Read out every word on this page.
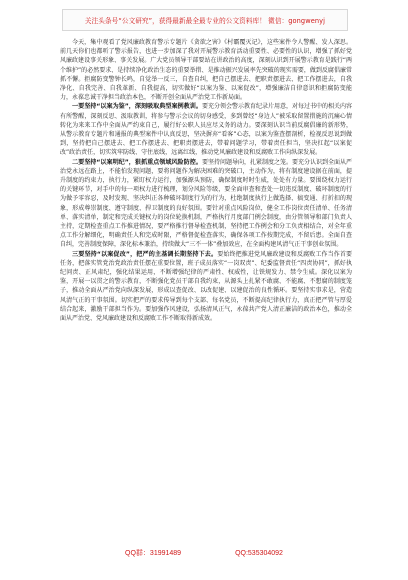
关注头条号“公文研究”，获得最新最全最专业的公文资料库！ 微信：gongwenyj

今天，集中观看了党风廉政教育警示专题片《贪欲之害》《村霸覆灭记》，这些案件令人警醒、发人深思。前几天你们也都听了警示报告，也进一步加深了我对开展警示教育活动重要性、必要性的认识，增强了抓好党风廉政建设事关形象、事关发展。广大党员领导干部要站在讲政治的高度，深刻认识到开展警示教育是践行“两个维护”的必然要求、是持续净化政治生态的重要举措、是推动振兴发展率先突破的现实需要，做到反腐倡廉常抓不懈。拒腐防变警钟长鸣，自觉举一反三，自查自纠，把自己摆进去、把职责摆进去、把工作摆进去，自我净化、自我完善、自我革新、自我提高，切实做好“以案为鉴、以案促改”，增强廉洁自律意识和拒腐防变能力，永葆忠诚干净担当政治本色，不断开创全面从严治党工作新局面。

一要坚持“以案为鉴”，深刻吸取典型案例教训。要充分领会警示教育纪录片用意，对每过书中的相关内容有所警醒，深刻反思、汲取教训，将参与警示会议的切身感受，多到曾经“身边人”被采取留置措施的沉痛心情转化为来来工作中全面从严约束自己，履行好公职人员应尽义务的动力。要深刻认识当前反腐倡廉的新形势，从警示教育专题片和通报的典型案件中认真反思，坚决摒弃“看客”心态，以案为鉴查摆剖析，检视反思说到做到，坚持把自己摆进去、把工作摆进去、把职责摆进去，带着问题学习，带着责任担当，坚决扛起“以案促改”政治责任，切实筑牢防线、守住底线，远离红线，推动党风廉政建设和反腐败工作向纵深发展。
二要坚持“以案明纪”，狠抓重点领域风险防控。要坚持问题导向，扎紧制度之笼。要充分认识到全面从严治党永远在路上，不能怕发现问题，要将问题作为解决困难的突破口，主动作为，将有制度建设据在前面，提升制度的约束力，执行力，紧盯权力运行，加强源头预防，确保制度时时生威，处处有力量。要围绕权力运行的关键环节，对手中的每一项权力进行梳理，划分风险等级，要全面审查和查处一切违反制度、破坏制度的行为做予零容忍，及时发现、坚决纠正各种破坏制度行为的行为，杜绝制度执行上做选择、搞变通、打折扣的现象，形成尊崇制度、遵守制度、捍卫制度的良好氛围。要针对重点风险岗位，健全工作岗位责任清单、任务清单、落实清单，制定和完成关键权力的岗位轮换机制，严格执行月度部门例会制度，由分管领导和部门负责人主持，定期检查重点工作推进情况，要严格推行督导检查机制，坚持把工作例会和分工负责相结合，对全年重点工作分解细化，明确责任人和完成时限，严格督促检查落实，确保各项工作按期完成，不留后患。全面自查自纠，完善制度保障，深化标本兼治，持续做大“三不一体”叠加效应，在全面构建风清气正干事创业氛围。
三要坚持“以案促改”，把严的主基调长期坚持下去。要始终把推进党风廉政建设和反腐败工作当作首要任务，把落实管党治党政治责任摆在重要位置，班子成员落实“一岗双责”、纪委监督责任“四责协同”，抓好执纪问责、正风肃纪，强化结果运用，不断增强纪律的严肃性、权威性，让铁规发力、禁令生威。深化以案为鉴，开展一以贯之的警示教育，不断强化党员干部自我约束，从源头上扎紧不敢腐、不能腐、不想腐的制度笼子，推动全面从严治党向纵深发展，形成以查促改、以改促建、以建促治的良性循环。要坚持实事求是，营造风清气正的干事氛围。切实把严的要求传导到每个支部、每名党员，不断提高纪律执行力，真正把严管与厚爱结合起来，激励干部担当作为。要加强作风建设，弘扬清风正气，永葆共产党人清正廉洁的政治本色，推动全面从严治党、党风廉政建设和反腐败工作不断取得新成效。
QQ群：31991489	QQ:535304092
